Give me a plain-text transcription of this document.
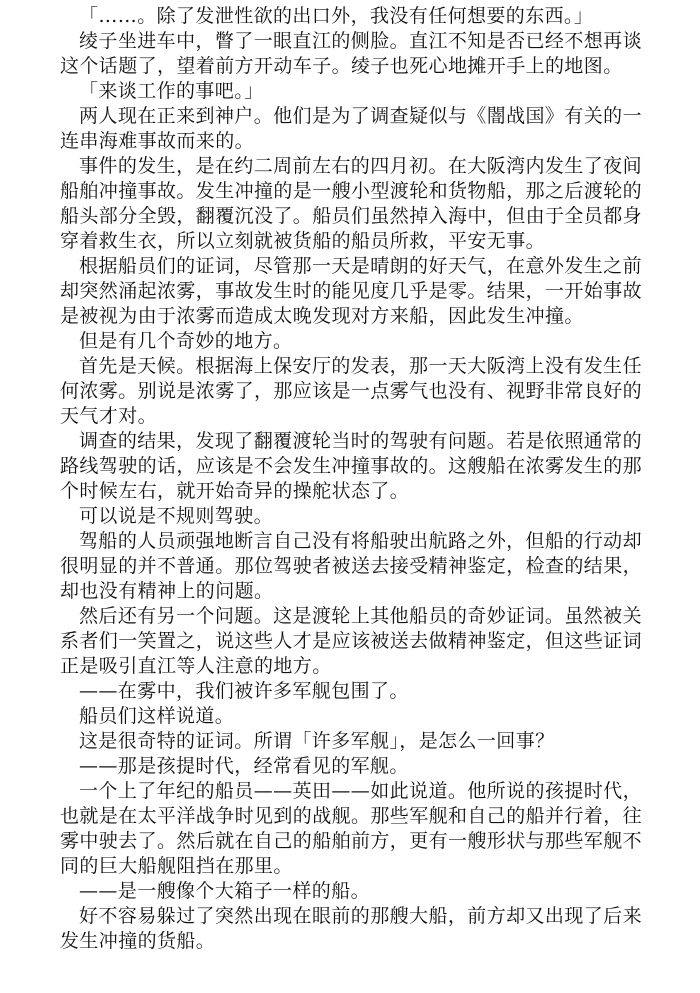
「……。除了发泄性欲的出口外，我没有任何想要的东西。」

绫子坐进车中，瞥了一眼直江的侧脸。直江不知是否已经不想再谈这个话题了，望着前方开动车子。绫子也死心地摊开手上的地图。

「来谈工作的事吧。」

两人现在正来到神户。他们是为了调查疑似与《闇战国》有关的一连串海难事故而来的。

事件的发生，是在约二周前左右的四月初。在大阪湾内发生了夜间船舶冲撞事故。发生冲撞的是一艘小型渡轮和货物船，那之后渡轮的船头部分全毁，翻覆沉没了。船员们虽然掉入海中，但由于全员都身穿着救生衣，所以立刻就被货船的船员所救，平安无事。

根据船员们的证词，尽管那一天是晴朗的好天气，在意外发生之前却突然涌起浓雾，事故发生时的能见度几乎是零。结果，一开始事故是被视为由于浓雾而造成太晚发现对方来船，因此发生冲撞。

但是有几个奇妙的地方。

首先是天候。根据海上保安厅的发表，那一天大阪湾上没有发生任何浓雾。别说是浓雾了，那应该是一点雾气也没有、视野非常良好的天气才对。

调查的结果，发现了翻覆渡轮当时的驾驶有问题。若是依照通常的路线驾驶的话，应该是不会发生冲撞事故的。这艘船在浓雾发生的那个时候左右，就开始奇异的操舵状态了。

可以说是不规则驾驶。

驾船的人员顽强地断言自己没有将船驶出航路之外，但船的行动却很明显的并不普通。那位驾驶者被送去接受精神鉴定，检查的结果，却也没有精神上的问题。

然后还有另一个问题。这是渡轮上其他船员的奇妙证词。虽然被关系者们一笑置之，说这些人才是应该被送去做精神鉴定，但这些证词正是吸引直江等人注意的地方。

——在雾中，我们被许多军舰包围了。

船员们这样说道。

这是很奇特的证词。所谓「许多军舰」，是怎么一回事？

——那是孩提时代，经常看见的军舰。

一个上了年纪的船员——英田——如此说道。他所说的孩提时代，也就是在太平洋战争时见到的战舰。那些军舰和自己的船并行着，往雾中驶去了。然后就在自己的船舶前方，更有一艘形状与那些军舰不同的巨大船舰阻挡在那里。

——是一艘像个大箱子一样的船。

好不容易躲过了突然出现在眼前的那艘大船，前方却又出现了后来发生冲撞的货船。
